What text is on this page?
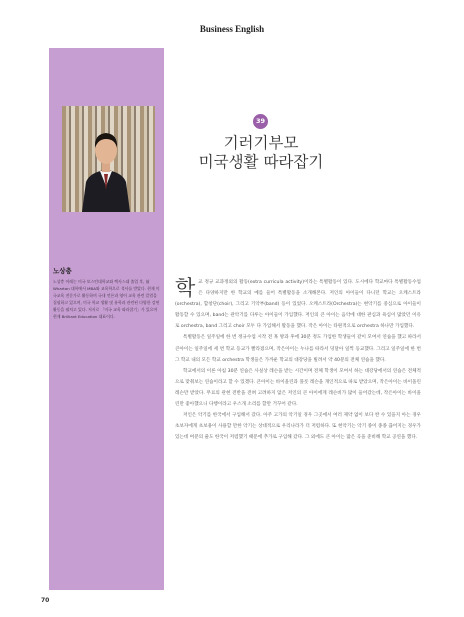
Business English
노상충
노상충 이레는 미국 보스턴대학교와 텍사스대 졸업 후, 前 Wharton 대학에서 MBA와 교육학으로 석사를 받았다. 현재 미국교육 전문가로 활동하며 국내 언론과 영어 교육 관련 칼럼을 집필하고 있으며, 미국 학교 생활 및 유학과 관련된 다양한 강연 활동을 펼치고 있다. 저서로 「미국 교육 따라잡기」가 있으며 현재 Brilliant Education 대표이다.
39
기러기부모
미국생활 따라잡기

학교 정규 교과정외의 활동(extra curricula activity)이라는 특별활동이 있다. 도시에다 학교마다 특별활동수업은 다양하지만 한 학교의 예를 들어 특별활동을 소개해본다. 저인의 아이들이 다니던 학교는 오케스트라(orchestra), 합창단(choir), 그리고 기악부(band) 등이 있었다. 오케스트라(Orchestra)는 현악기를 중심으로 아이들이 활동할 수 있으며, band는 관악기를 다루는 아이들이 가입했다. 저인의 큰 아이는 음악에 대한 관심과 욕심이 많았던 이유로 orchestra, band 그리고 choir 모두 다 가입해서 활동을 했다. 작은 아이는 타원적으로 orchestra 하나만 가입했다.

특별활동은 일주일에 한 번 정규수업 시작 전 혹 방과 후에 30분 정도 가입한 학생들이 같이 모여서 연습을 했고 따라서 큰아이는 일주일에 세 번 학교 등교가 빨라졌으며, 작은아이는 누나를 따라서 덩달아 일찍 등교했다. 그리고 일주일에 한 번 그 학교 내의 모든 학교 orchestra 학생들은 가까운 학교의 대강당을 빌려서 약 40분의 전체 연습을 했다.

학교에서의 이른 아침 30분 연습은 사실상 레슨을 받는 시간이며 전체 학생이 모여서 하는 대강당에서의 연습은 전체적으로 맞춰보는 연습이라고 할 수 있겠다. 큰아이는 바이올린과 플롯 레슨을 개인적으로 따로 받았으며, 작은아이는 바이올린 레슨만 받았다. 무료의 관현 전반을 전혀 고려하지 않은 저인의 큰 아이에게 레슨비가 많이 들어갔는데, 작은아이는 바이올린만 좋아했으니 다행이라고 우스개 소리를 할만 거꾸어 같다.

저인은 악기를 한국에서 구입해서 갔다. 아주 고가의 악기일 경우 그곳에서 여러 제약 없이 보다 싼 수 있을지 아는 경우 초보자에게 초보용이 사용할 만한 악기는 상대적으로 우리나라가 더 저렴하다. 또 현악기는 악기 종이 종종 끊어지는 경우가 있는데 여분의 줄도 한국이 저렴했기 때문에 추가로 구입해 갔다. 그 외에도 큰 아이는 많은 곡을 준비해 학교 공연을 했다.

70
